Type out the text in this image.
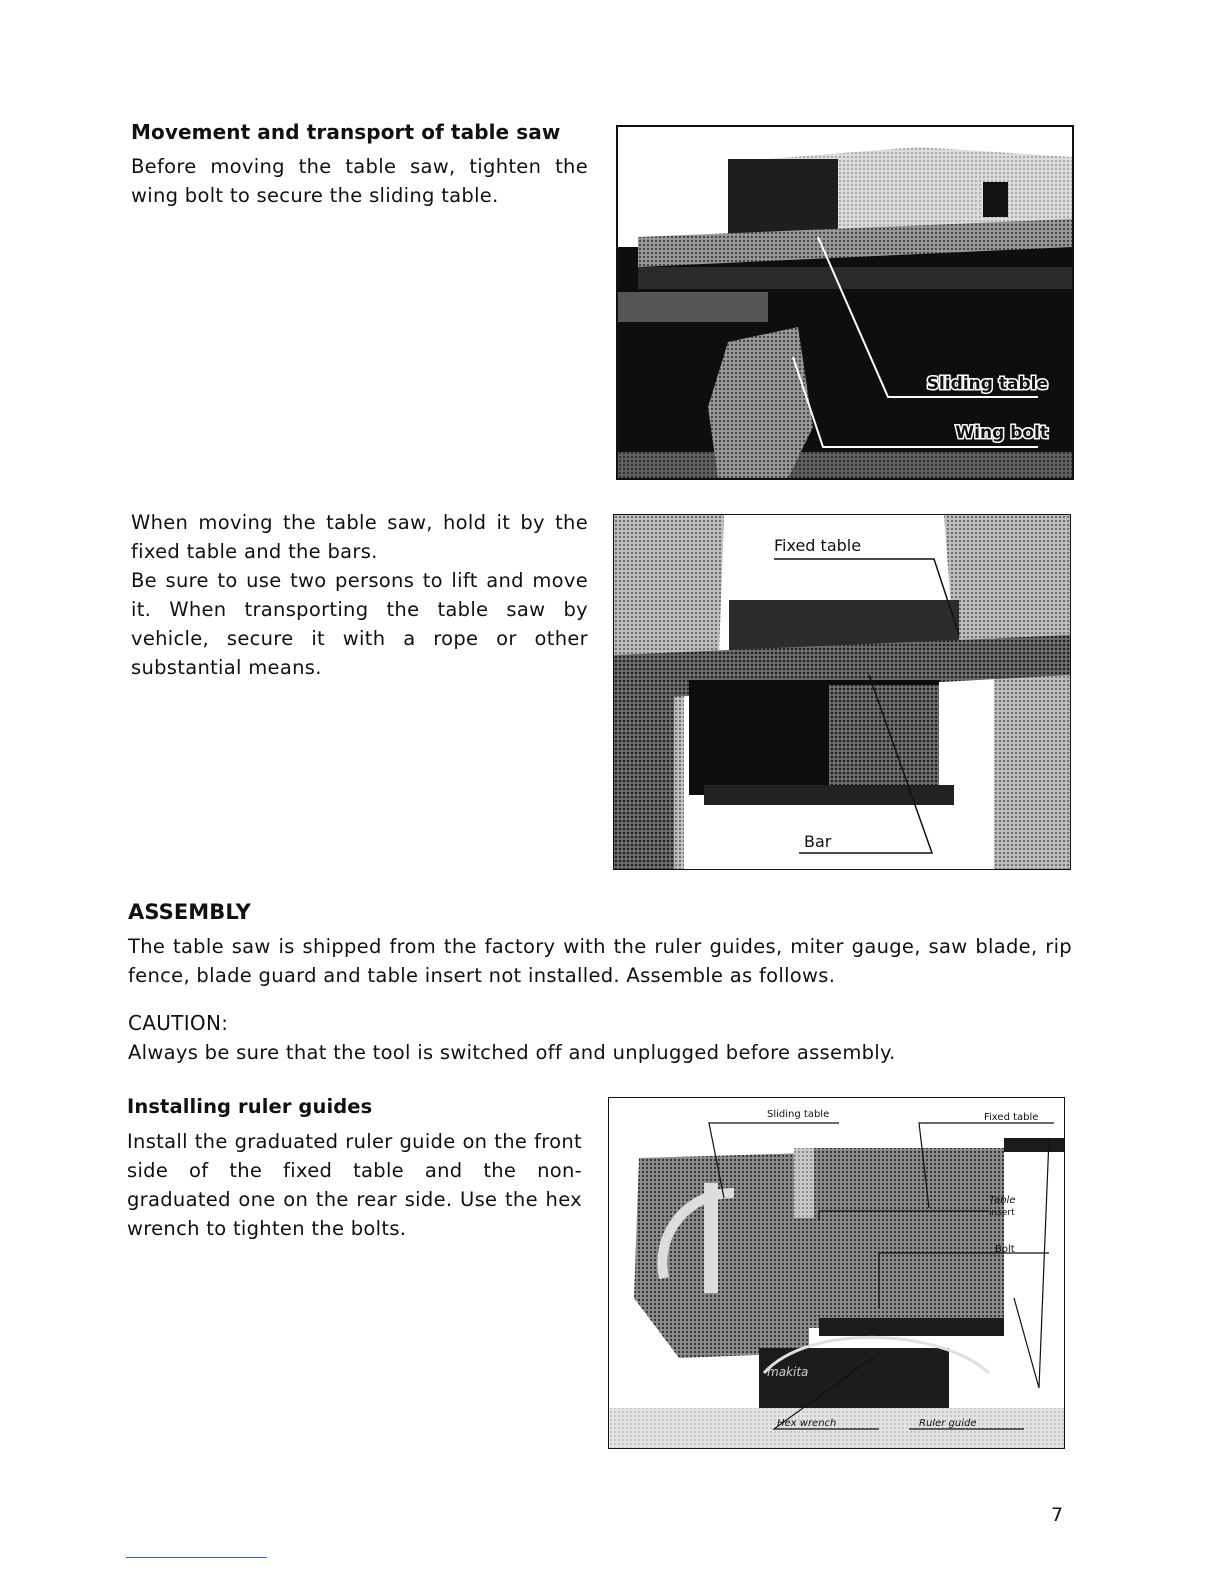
Movement and transport of table saw

Before moving the table saw, tighten the wing bolt to secure the sliding table.

When moving the table saw, hold it by the fixed table and the bars.

Be sure to use two persons to lift and move it. When transporting the table saw by vehicle, secure it with a rope or other substantial means.

Sliding table
Wing bolt
Fixed table
Bar
ASSEMBLY
The table saw is shipped from the factory with the ruler guides, miter gauge, saw blade, rip fence, blade guard and table insert not installed. Assemble as follows.
CAUTION:
Always be sure that the tool is switched off and unplugged before assembly.
Installing ruler guides
Install the graduated ruler guide on the front side of the fixed table and the non-graduated one on the rear side. Use the hex wrench to tighten the bolts.
makita
Sliding table	Fixed table
Table
insert
Bolt
Hex wrench	Ruler guide
7
